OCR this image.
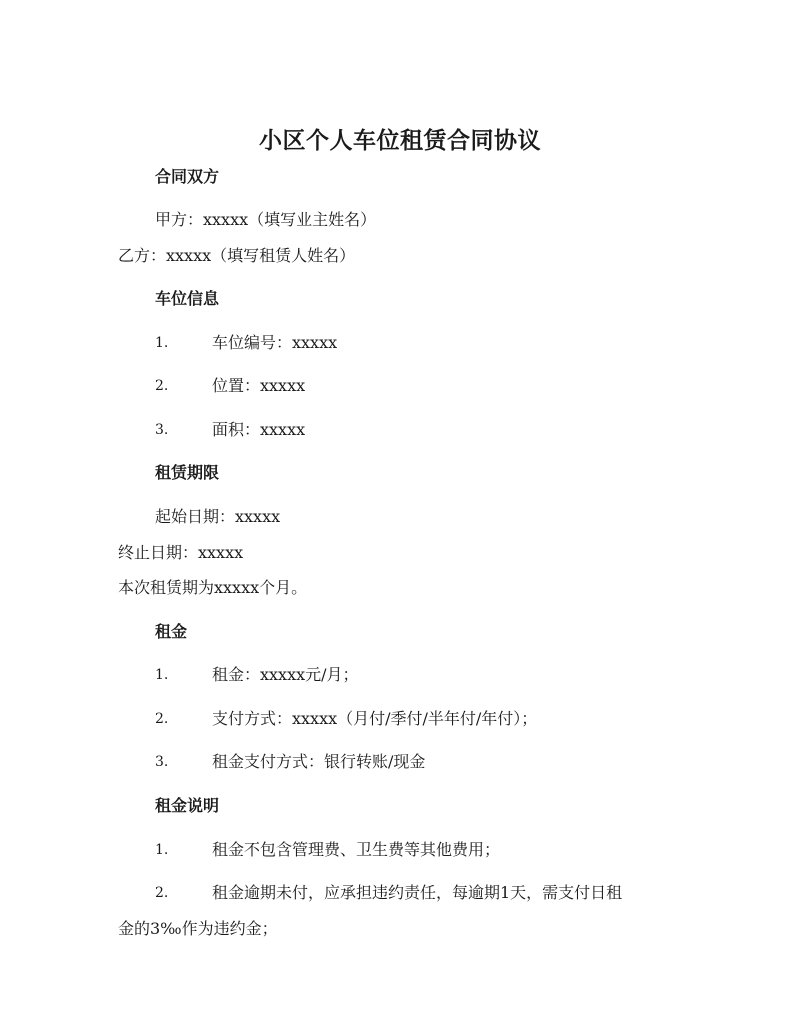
小区个人车位租赁合同协议
合同双方
甲方：xxxxx（填写业主姓名）
乙方：xxxxx（填写租赁人姓名）
车位信息
1.	车位编号：xxxxx
2.	位置：xxxxx
3.	面积：xxxxx
租赁期限
起始日期：xxxxx
终止日期：xxxxx
本次租赁期为xxxxx个月。
租金
1.	租金：xxxxx元/月；
2.	支付方式：xxxxx（月付/季付/半年付/年付）；
3.	租金支付方式：银行转账/现金
租金说明
1.	租金不包含管理费、卫生费等其他费用；
2.	租金逾期未付，应承担违约责任，每逾期1天，需支付日租
金的3‰作为违约金；
